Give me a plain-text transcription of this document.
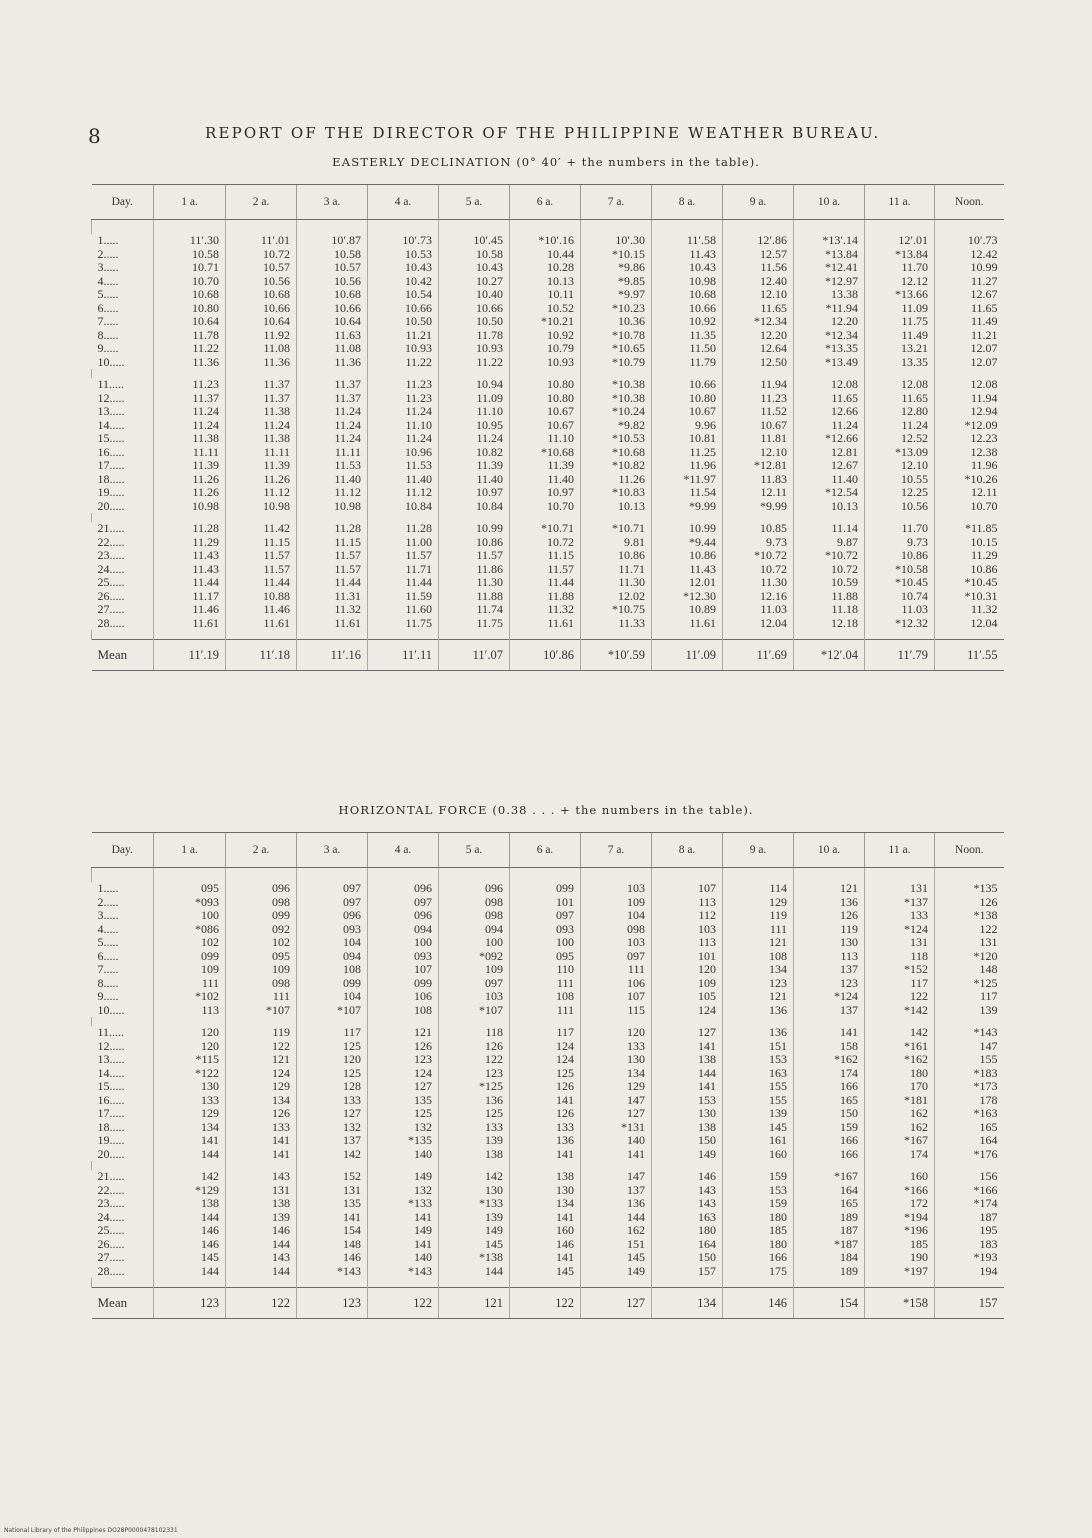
8	REPORT OF THE DIRECTOR OF THE PHILIPPINE WEATHER BUREAU.
EASTERLY DECLINATION (0° 40′ + the numbers in the table).
Day.	1 a.	2 a.	3 a.	4 a.	5 a.	6 a.	7 a.	8 a.	9 a.	10 a.	11 a.	Noon.

1.....	11′.30	11′.01	10′.87	10′.73	10′.45	*10′.16	10′.30	11′.58	12′.86	*13′.14	12′.01	10′.73
2.....	10.58	10.72	10.58	10.53	10.58	10.44	*10.15	11.43	12.57	*13.84	*13.84	12.42
3.....	10.71	10.57	10.57	10.43	10.43	10.28	*9.86	10.43	11.56	*12.41	11.70	10.99
4.....	10.70	10.56	10.56	10.42	10.27	10.13	*9.85	10.98	12.40	*12.97	12.12	11.27
5.....	10.68	10.68	10.68	10.54	10.40	10.11	*9.97	10.68	12.10	13.38	*13.66	12.67
6.....	10.80	10.66	10.66	10.66	10.66	10.52	*10.23	10.66	11.65	*11.94	11.09	11.65
7.....	10.64	10.64	10.64	10.50	10.50	*10.21	10.36	10.92	*12.34	12.20	11.75	11.49
8.....	11.78	11.92	11.63	11.21	11.78	10.92	*10.78	11.35	12.20	*12.34	11.49	11.21
9.....	11.22	11.08	11.08	10.93	10.93	10.79	*10.65	11.50	12.64	*13.35	13.21	12.07
10.....	11.36	11.36	11.36	11.22	11.22	10.93	*10.79	11.79	12.50	*13.49	13.35	12.07

11.....	11.23	11.37	11.37	11.23	10.94	10.80	*10.38	10.66	11.94	12.08	12.08	12.08
12.....	11.37	11.37	11.37	11.23	11.09	10.80	*10.38	10.80	11.23	11.65	11.65	11.94
13.....	11.24	11.38	11.24	11.24	11.10	10.67	*10.24	10.67	11.52	12.66	12.80	12.94
14.....	11.24	11.24	11.24	11.10	10.95	10.67	*9.82	9.96	10.67	11.24	11.24	*12.09
15.....	11.38	11.38	11.24	11.24	11.24	11.10	*10.53	10.81	11.81	*12.66	12.52	12.23
16.....	11.11	11.11	11.11	10.96	10.82	*10.68	*10.68	11.25	12.10	12.81	*13.09	12.38
17.....	11.39	11.39	11.53	11.53	11.39	11.39	*10.82	11.96	*12.81	12.67	12.10	11.96
18.....	11.26	11.26	11.40	11.40	11.40	11.40	11.26	*11.97	11.83	11.40	10.55	*10.26
19.....	11.26	11.12	11.12	11.12	10.97	10.97	*10.83	11.54	12.11	*12.54	12.25	12.11
20.....	10.98	10.98	10.98	10.84	10.84	10.70	10.13	*9.99	*9.99	10.13	10.56	10.70

21.....	11.28	11.42	11.28	11.28	10.99	*10.71	*10.71	10.99	10.85	11.14	11.70	*11.85
22.....	11.29	11.15	11.15	11.00	10.86	10.72	9.81	*9.44	9.73	9.87	9.73	10.15
23.....	11.43	11.57	11.57	11.57	11.57	11.15	10.86	10.86	*10.72	*10.72	10.86	11.29
24.....	11.43	11.57	11.57	11.71	11.86	11.57	11.71	11.43	10.72	10.72	*10.58	10.86
25.....	11.44	11.44	11.44	11.44	11.30	11.44	11.30	12.01	11.30	10.59	*10.45	*10.45
26.....	11.17	10.88	11.31	11.59	11.88	11.88	12.02	*12.30	12.16	11.88	10.74	*10.31
27.....	11.46	11.46	11.32	11.60	11.74	11.32	*10.75	10.89	11.03	11.18	11.03	11.32
28.....	11.61	11.61	11.61	11.75	11.75	11.61	11.33	11.61	12.04	12.18	*12.32	12.04

Mean	11′.19	11′.18	11′.16	11′.11	11′.07	10′.86	*10′.59	11′.09	11′.69	*12′.04	11′.79	11′.55
HORIZONTAL FORCE (0.38 . . . + the numbers in the table).
Day.	1 a.	2 a.	3 a.	4 a.	5 a.	6 a.	7 a.	8 a.	9 a.	10 a.	11 a.	Noon.

1.....	095	096	097	096	096	099	103	107	114	121	131	*135
2.....	*093	098	097	097	098	101	109	113	129	136	*137	126
3.....	100	099	096	096	098	097	104	112	119	126	133	*138
4.....	*086	092	093	094	094	093	098	103	111	119	*124	122
5.....	102	102	104	100	100	100	103	113	121	130	131	131
6.....	099	095	094	093	*092	095	097	101	108	113	118	*120
7.....	109	109	108	107	109	110	111	120	134	137	*152	148
8.....	111	098	099	099	097	111	106	109	123	123	117	*125
9.....	*102	111	104	106	103	108	107	105	121	*124	122	117
10.....	113	*107	*107	108	*107	111	115	124	136	137	*142	139

11.....	120	119	117	121	118	117	120	127	136	141	142	*143
12.....	120	122	125	126	126	124	133	141	151	158	*161	147
13.....	*115	121	120	123	122	124	130	138	153	*162	*162	155
14.....	*122	124	125	124	123	125	134	144	163	174	180	*183
15.....	130	129	128	127	*125	126	129	141	155	166	170	*173
16.....	133	134	133	135	136	141	147	153	155	165	*181	178
17.....	129	126	127	125	125	126	127	130	139	150	162	*163
18.....	134	133	132	132	133	133	*131	138	145	159	162	165
19.....	141	141	137	*135	139	136	140	150	161	166	*167	164
20.....	144	141	142	140	138	141	141	149	160	166	174	*176

21.....	142	143	152	149	142	138	147	146	159	*167	160	156
22.....	*129	131	131	132	130	130	137	143	153	164	*166	*166
23.....	138	138	135	*133	*133	134	136	143	159	165	172	*174
24.....	144	139	141	141	139	141	144	163	180	189	*194	187
25.....	146	146	154	149	149	160	162	180	185	187	*196	195
26.....	146	144	148	141	145	146	151	164	180	*187	185	183
27.....	145	143	146	140	*138	141	145	150	166	184	190	*193
28.....	144	144	*143	*143	144	145	149	157	175	189	*197	194

Mean	123	122	123	122	121	122	127	134	146	154	*158	157
National Library of the Philippines DO28P0000478102331
